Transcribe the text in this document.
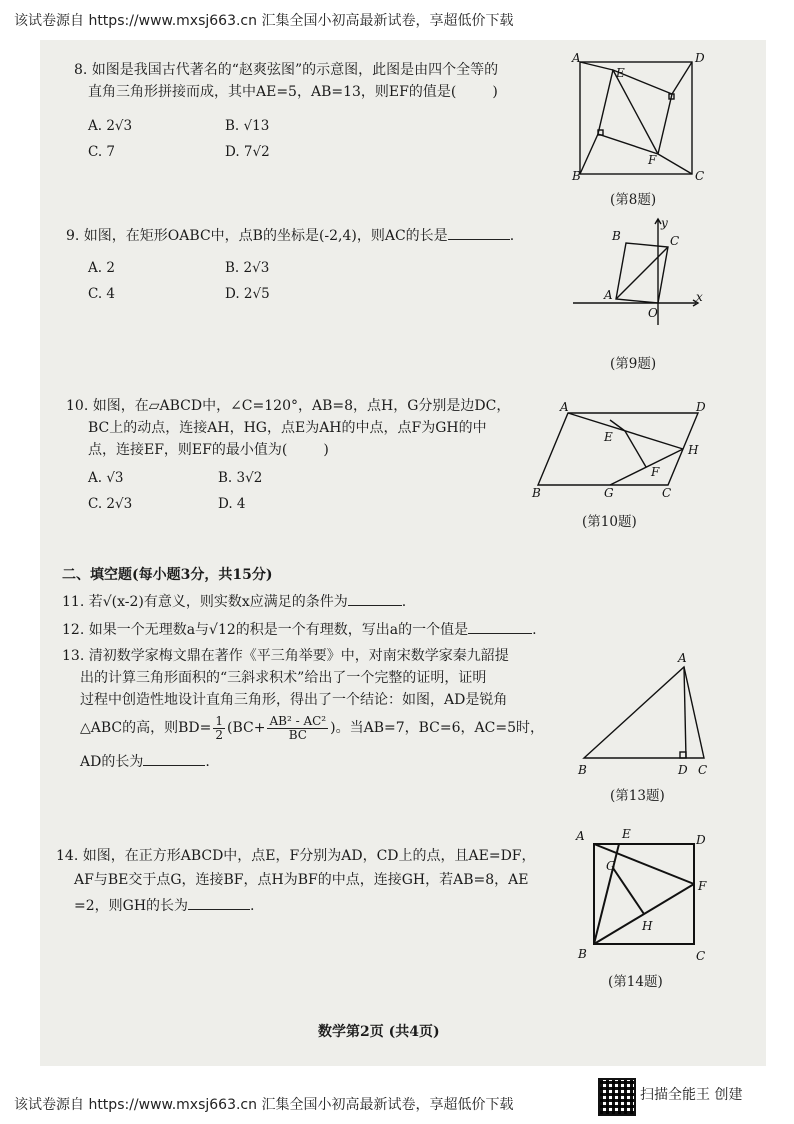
该试卷源自 https://www.mxsj663.cn 汇集全国小初高最新试卷，享超低价下载
8. 如图是我国古代著名的“赵爽弦图”的示意图，此图是由四个全等的
直角三角形拼接而成，其中AE=5，AB=13，则EF的值是(	)
A. 2√3	B. √13
C. 7	D. 7√2
A	D
E
F
B	C
(第8题)
9. 如图，在矩形OABC中，点B的坐标是(-2,4)，则AC的长是	.
A. 2	B. 2√3
C. 4	D. 2√5
B	C
A
O
x
y
(第9题)
10. 如图，在▱ABCD中，∠C=120°，AB=8，点H，G分别是边DC，
BC上的动点，连接AH，HG，点E为AH的中点，点F为GH的中
点，连接EF，则EF的最小值为(	)
A. √3	B. 3√2
C. 2√3	D. 4
A	D
E
H
F
B	G	C
(第10题)
二、填空题(每小题3分，共15分)
11. 若√(x-2)有意义，则实数x应满足的条件为	.
12. 如果一个无理数a与√12的积是一个有理数，写出a的一个值是	.
13. 清初数学家梅文鼎在著作《平三角举要》中，对南宋数学家秦九韶提
出的计算三角形面积的“三斜求积术”给出了一个完整的证明，证明
过程中创造性地设计直角三角形，得出了一个结论：如图，AD是锐角
△ABC的高，则$BD= \frac{1}{2} (BC+ \frac{\text{AB² - AC²}}{BC}$ )。当AB=7，BC=6，AC=5时，
AD的长为	.
A
B	D C
(第13题)
14. 如图，在正方形ABCD中，点E，F分别为AD，CD上的点，且AE=DF，
AF与BE交于点G，连接BF，点H为BF的中点，连接GH，若AB=8，AE
=2，则GH的长为	.
A	E	D
G
F
H
B	C
(第14题)
数学第2页 (共4页)
该试卷源自 https://www.mxsj663.cn 汇集全国小初高最新试卷，享超低价下载
扫描全能王 创建
